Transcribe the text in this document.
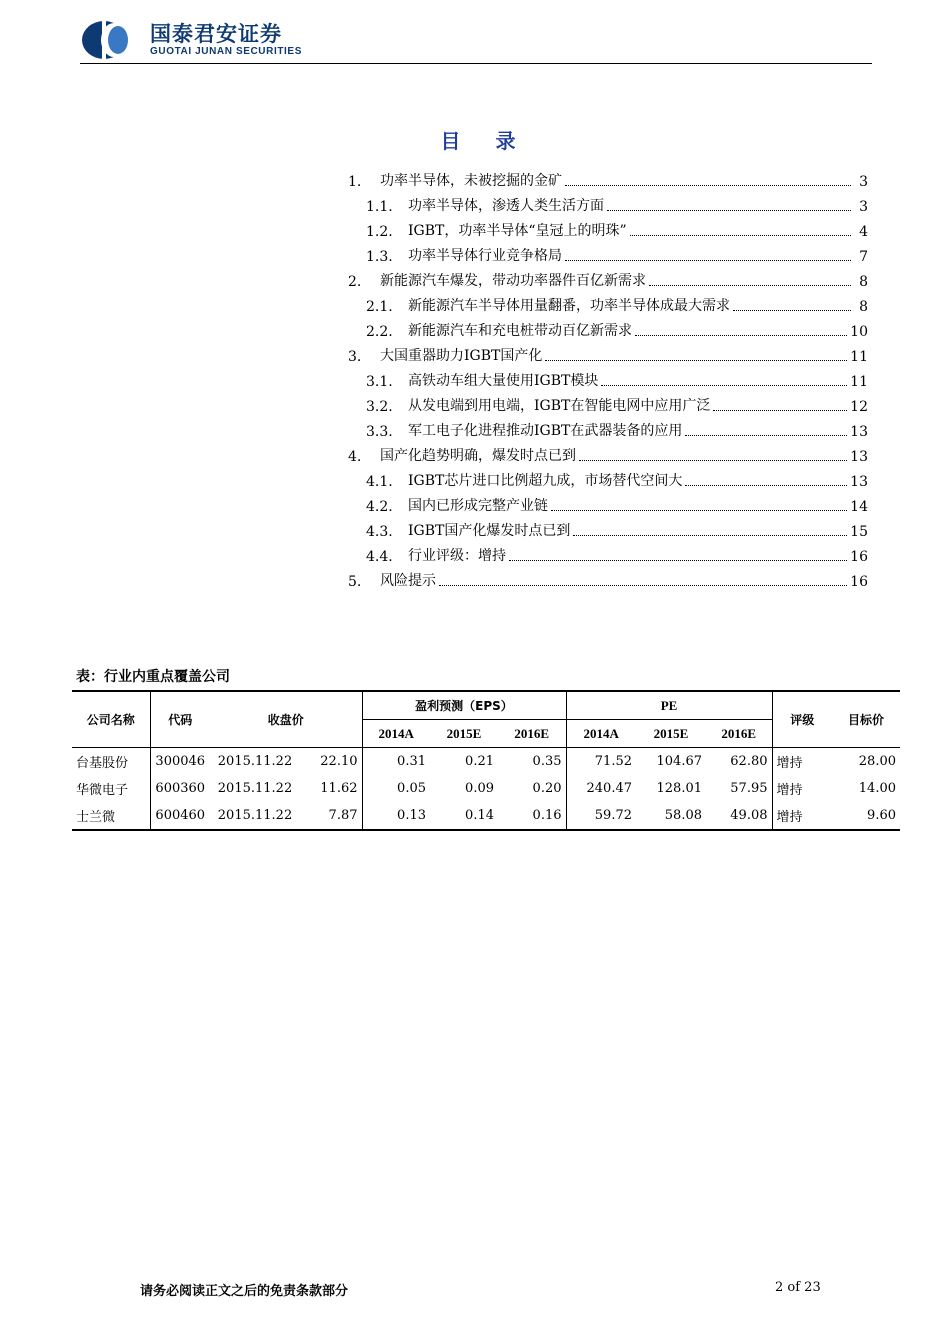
国泰君安证券
GUOTAI JUNAN SECURITIES
目 录
1.	功率半导体，未被挖掘的金矿	3
1.1.	功率半导体，渗透人类生活方面	3
1.2.	IGBT，功率半导体“皇冠上的明珠”	4
1.3.	功率半导体行业竞争格局	7
2.	新能源汽车爆发，带动功率器件百亿新需求	8
2.1.	新能源汽车半导体用量翻番，功率半导体成最大需求	8
2.2.	新能源汽车和充电桩带动百亿新需求	10
3.	大国重器助力IGBT国产化	11
3.1.	高铁动车组大量使用IGBT模块	11
3.2.	从发电端到用电端，IGBT在智能电网中应用广泛	12
3.3.	军工电子化进程推动IGBT在武器装备的应用	13
4.	国产化趋势明确，爆发时点已到	13
4.1.	IGBT芯片进口比例超九成，市场替代空间大	13
4.2.	国内已形成完整产业链	14
4.3.	IGBT国产化爆发时点已到	15
4.4.	行业评级：增持	16
5.	风险提示	16
表：行业内重点覆盖公司
公司名称	代码	收盘价		盈利预测（EPS）			PE			评级	目标价
				2014A	2015E	2016E	2014A	2015E	2016E		
台基股份	300046	2015.11.22	22.10	0.31	0.21	0.35	71.52	104.67	62.80	增持	28.00
华微电子	600360	2015.11.22	11.62	0.05	0.09	0.20	240.47	128.01	57.95	增持	14.00
士兰微	600460	2015.11.22	7.87	0.13	0.14	0.16	59.72	58.08	49.08	增持	9.60
请务必阅读正文之后的免责条款部分	2 of 23
